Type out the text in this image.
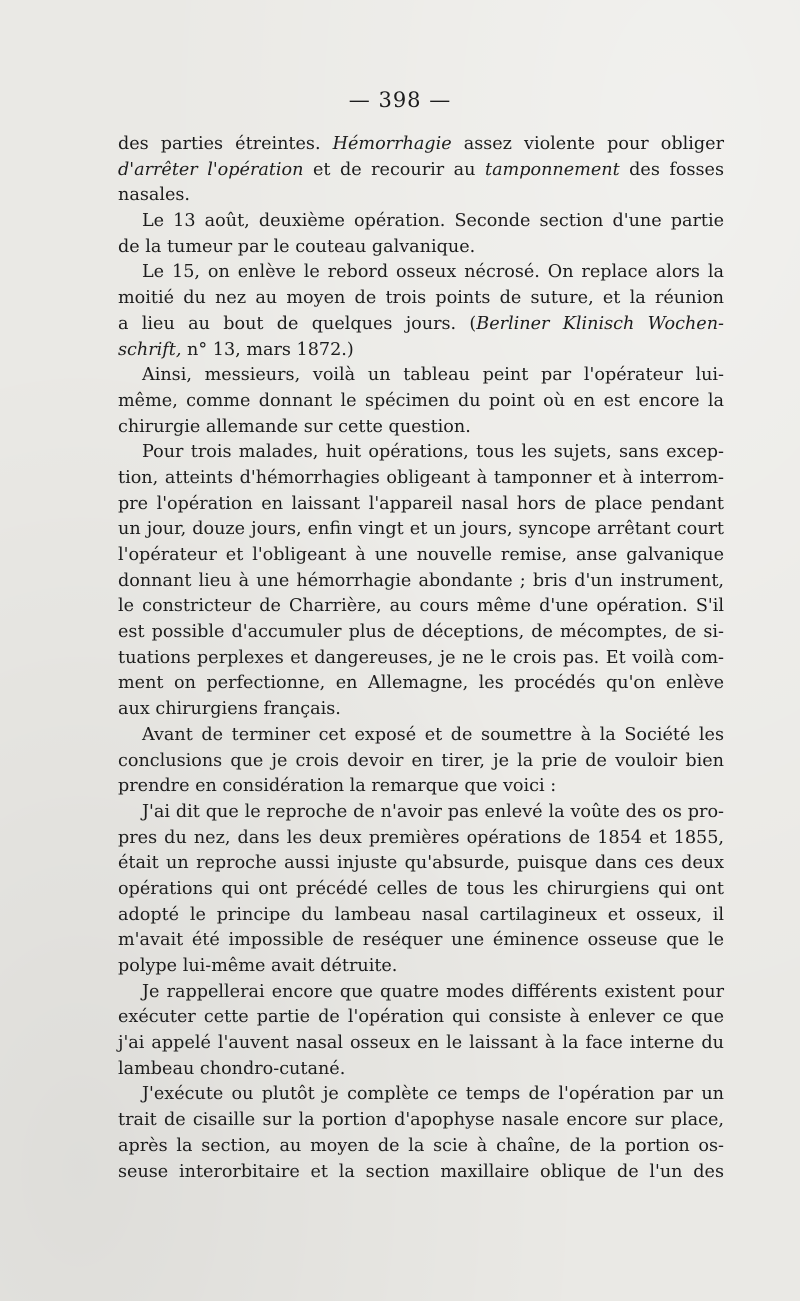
— 398 —
des parties étreintes. Hémorrhagie assez violente pour obliger
d'arrêter l'opération et de recourir au tamponnement des fosses
nasales.
Le 13 août, deuxième opération. Seconde section d'une partie
de la tumeur par le couteau galvanique.
Le 15, on enlève le rebord osseux nécrosé. On replace alors la
moitié du nez au moyen de trois points de suture, et la réunion
a lieu au bout de quelques jours. (Berliner Klinisch Wochen-
schrift, n° 13, mars 1872.)
Ainsi, messieurs, voilà un tableau peint par l'opérateur lui-
même, comme donnant le spécimen du point où en est encore la
chirurgie allemande sur cette question.
Pour trois malades, huit opérations, tous les sujets, sans excep-
tion, atteints d'hémorrhagies obligeant à tamponner et à interrom-
pre l'opération en laissant l'appareil nasal hors de place pendant
un jour, douze jours, enfin vingt et un jours, syncope arrêtant court
l'opérateur et l'obligeant à une nouvelle remise, anse galvanique
donnant lieu à une hémorrhagie abondante ; bris d'un instrument,
le constricteur de Charrière, au cours même d'une opération. S'il
est possible d'accumuler plus de déceptions, de mécomptes, de si-
tuations perplexes et dangereuses, je ne le crois pas. Et voilà com-
ment on perfectionne, en Allemagne, les procédés qu'on enlève
aux chirurgiens français.
Avant de terminer cet exposé et de soumettre à la Société les
conclusions que je crois devoir en tirer, je la prie de vouloir bien
prendre en considération la remarque que voici :
J'ai dit que le reproche de n'avoir pas enlevé la voûte des os pro-
pres du nez, dans les deux premières opérations de 1854 et 1855,
était un reproche aussi injuste qu'absurde, puisque dans ces deux
opérations qui ont précédé celles de tous les chirurgiens qui ont
adopté le principe du lambeau nasal cartilagineux et osseux, il
m'avait été impossible de reséquer une éminence osseuse que le
polype lui-même avait détruite.
Je rappellerai encore que quatre modes différents existent pour
exécuter cette partie de l'opération qui consiste à enlever ce que
j'ai appelé l'auvent nasal osseux en le laissant à la face interne du
lambeau chondro-cutané.
J'exécute ou plutôt je complète ce temps de l'opération par un
trait de cisaille sur la portion d'apophyse nasale encore sur place,
après la section, au moyen de la scie à chaîne, de la portion os-
seuse interorbitaire et la section maxillaire oblique de l'un des
